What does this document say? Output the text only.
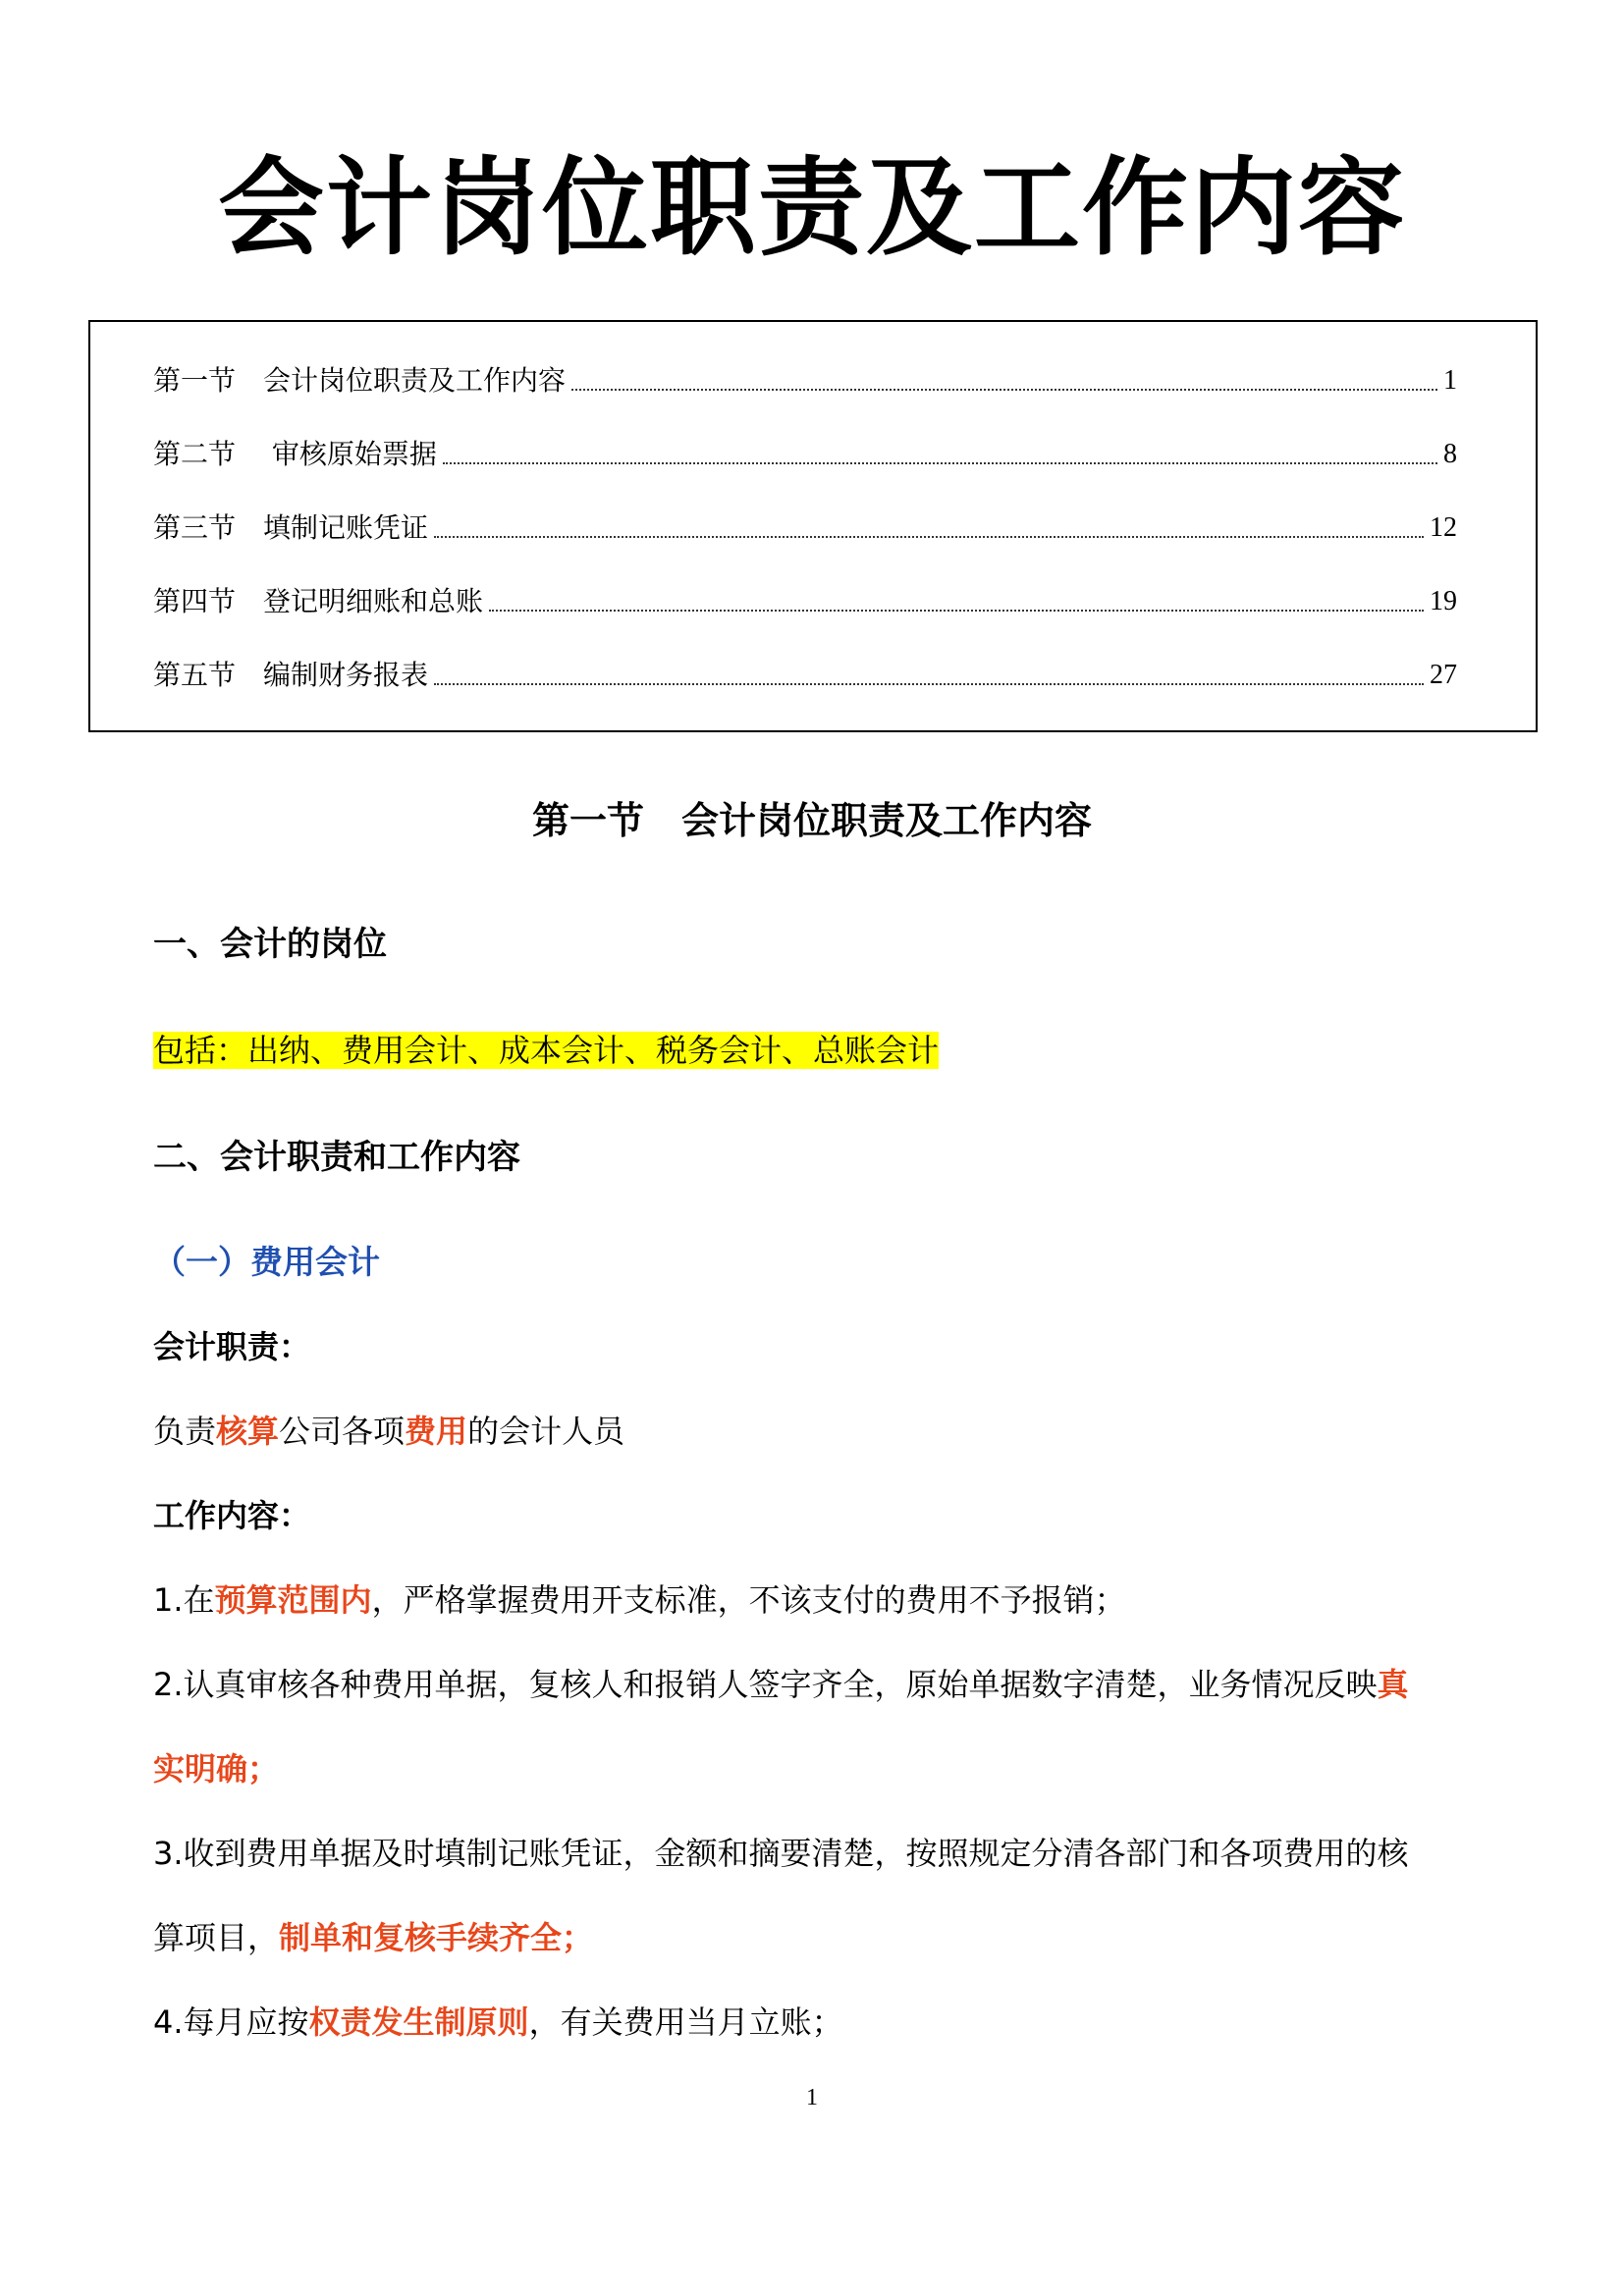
会计岗位职责及工作内容
第一节　会计岗位职责及工作内容	1
第二节　 审核原始票据	8
第三节　填制记账凭证	12
第四节　登记明细账和总账	19
第五节　编制财务报表	27
第一节　会计岗位职责及工作内容

一、会计的岗位

包括：出纳、费用会计、成本会计、税务会计、总账会计

二、会计职责和工作内容

（一）费用会计

会计职责：

负责核算公司各项费用的会计人员

工作内容：

1.在预算范围内，严格掌握费用开支标准，不该支付的费用不予报销；

2.认真审核各种费用单据，复核人和报销人签字齐全，原始单据数字清楚，业务情况反映真

实明确；

3.收到费用单据及时填制记账凭证，金额和摘要清楚，按照规定分清各部门和各项费用的核

算项目，制单和复核手续齐全；

4.每月应按权责发生制原则，有关费用当月立账；

1
